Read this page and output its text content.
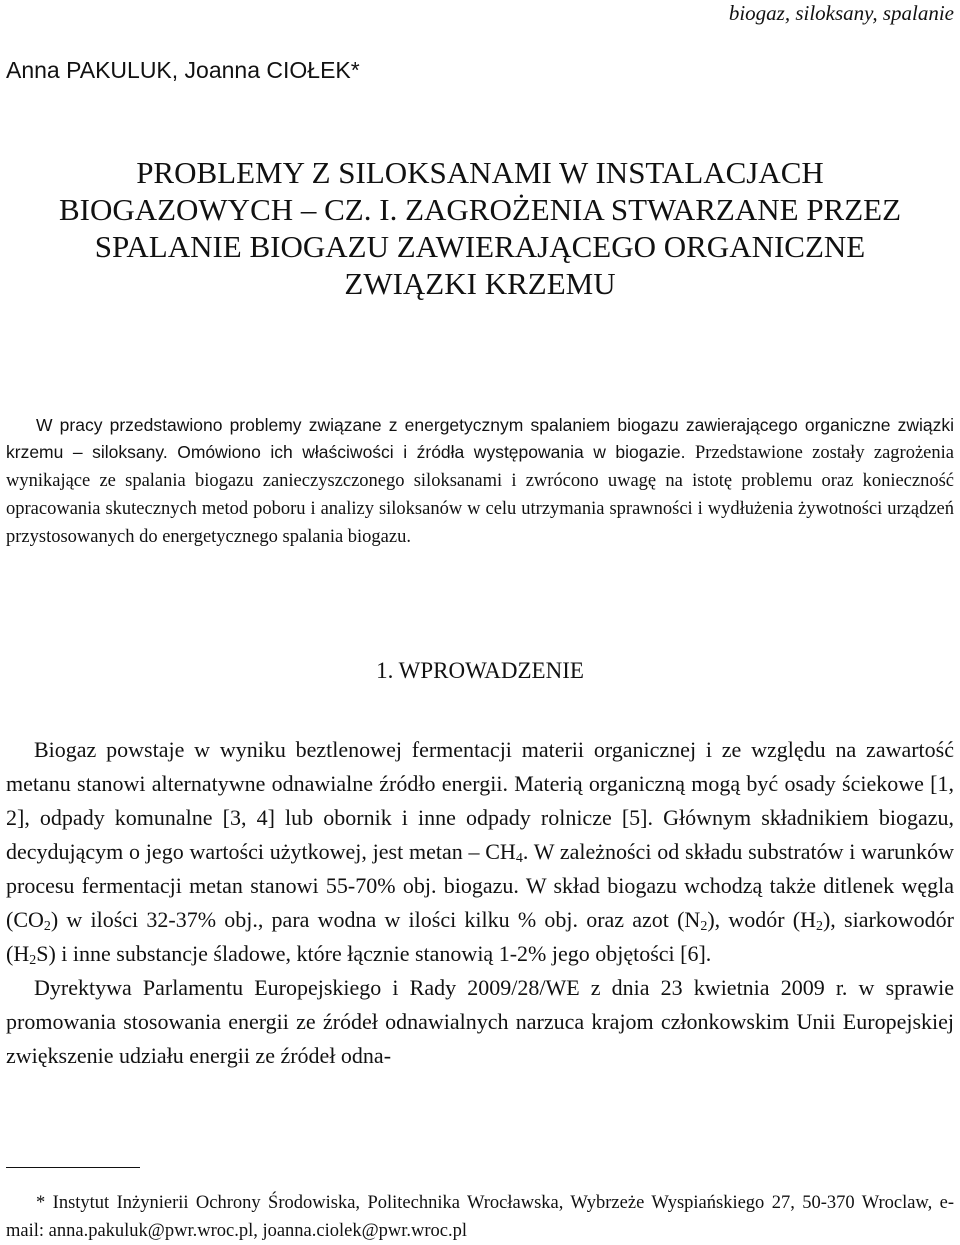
biogaz, siloksany, spalanie
Anna PAKULUK, Joanna CIOŁEK*
PROBLEMY Z SILOKSANAMI W INSTALACJACH
BIOGAZOWYCH – CZ. I. ZAGROŻENIA STWARZANE PRZEZ
SPALANIE BIOGAZU ZAWIERAJĄCEGO ORGANICZNE
ZWIĄZKI KRZEMU

W pracy przedstawiono problemy związane z energetycznym spalaniem biogazu zawierającego organiczne związki krzemu – siloksany. Omówiono ich właściwości i źródła występowania w biogazie. Przedstawione zostały zagrożenia wynikające ze spalania biogazu zanieczyszczonego siloksanami i zwrócono uwagę na istotę problemu oraz konieczność opracowania skutecznych metod poboru i analizy siloksanów w celu utrzymania sprawności i wydłużenia żywotności urządzeń przystosowanych do energetycznego spalania biogazu.

1. WPROWADZENIE

Biogaz powstaje w wyniku beztlenowej fermentacji materii organicznej i ze względu na zawartość metanu stanowi alternatywne odnawialne źródło energii. Materią organiczną mogą być osady ściekowe [1, 2], odpady komunalne [3, 4] lub obornik i inne odpady rolnicze [5]. Głównym składnikiem biogazu, decydującym o jego wartości użytkowej, jest metan – $CH_4$. W zależności od składu substratów i warunków procesu fermentacji metan stanowi 55-70% obj. biogazu. W skład biogazu wchodzą także ditlenek węgla $(CO_2)$ w ilości 32-37% obj., para wodna w ilości kilku % obj. oraz azot $(N_2)$, wodór $(H_2)$, siarkowodór $(H_2S)$ i inne substancje śladowe, które łącznie stanowią 1-2% jego objętości [6].

Dyrektywa Parlamentu Europejskiego i Rady 2009/28/WE z dnia 23 kwietnia 2009 r. w sprawie promowania stosowania energii ze źródeł odnawialnych narzuca krajom członkowskim Unii Europejskiej zwiększenie udziału energii ze źródeł odna-

* Instytut Inżynierii Ochrony Środowiska, Politechnika Wrocławska, Wybrzeże Wyspiańskiego 27, 50-370 Wroclaw, e-mail: anna.pakuluk@pwr.wroc.pl, joanna.ciolek@pwr.wroc.pl
